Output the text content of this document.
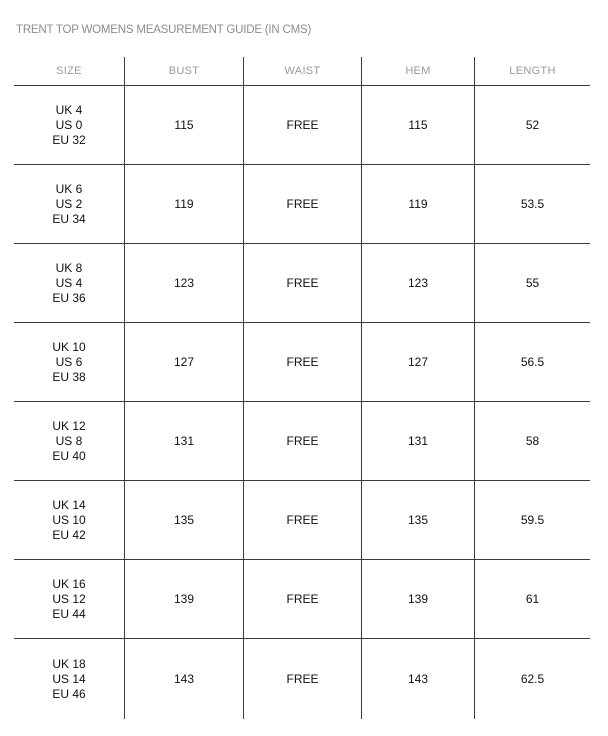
TRENT TOP WOMENS MEASUREMENT GUIDE (IN CMS)
SIZE	BUST	WAIST	HEM	LENGTH
UK 4
US 0
EU 32
115	FREE	115	52
UK 6
US 2
EU 34
119	FREE	119	53.5
UK 8
US 4
EU 36
123	FREE	123	55
UK 10
US 6
EU 38
127	FREE	127	56.5
UK 12
US 8
EU 40
131	FREE	131	58
UK 14
US 10
EU 42
135	FREE	135	59.5
UK 16
US 12
EU 44
139	FREE	139	61
UK 18
US 14
EU 46
143	FREE	143	62.5
